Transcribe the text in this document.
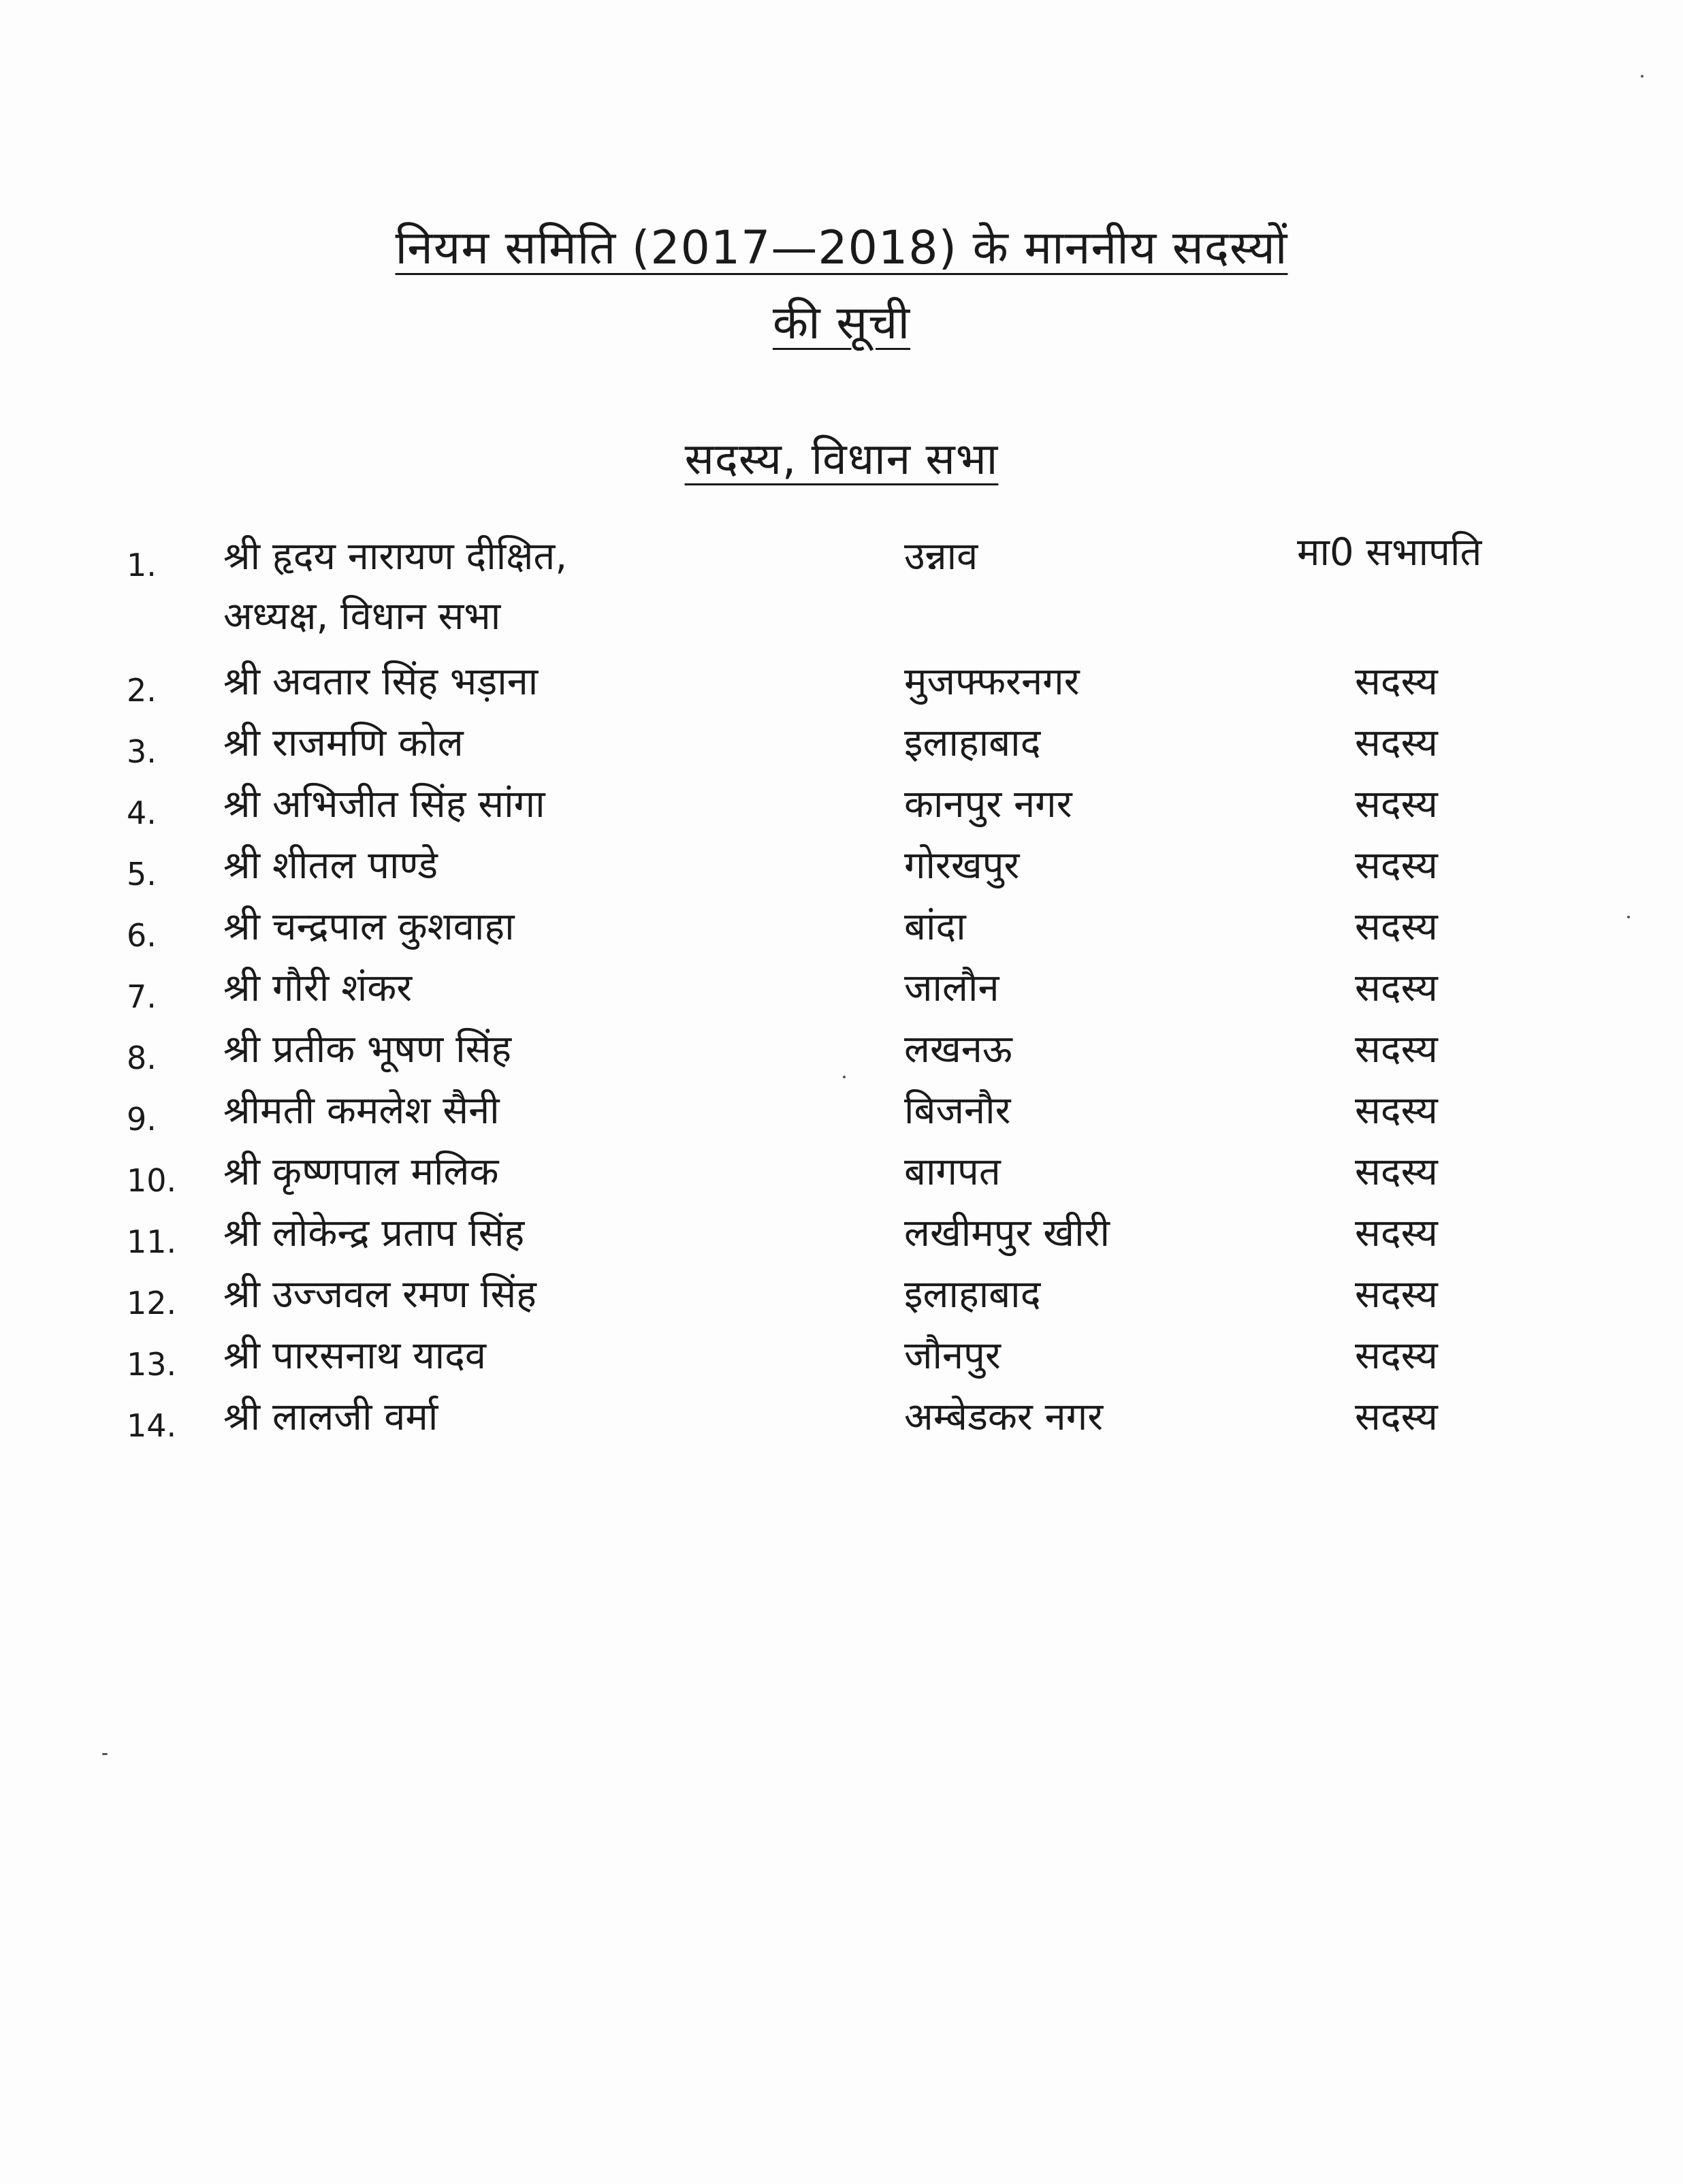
नियम समिति (2017—2018) के माननीय सदस्यों
की सूची
सदस्य, विधान सभा
1. श्री हृदय नारायण दीक्षित,	उन्नाव	मा0 सभापति
अध्यक्ष, विधान सभा
2. श्री अवतार सिंह भड़ाना	मुजफ्फरनगर	सदस्य
3. श्री राजमणि कोल	इलाहाबाद	सदस्य
4. श्री अभिजीत सिंह सांगा	कानपुर नगर	सदस्य
5. श्री शीतल पाण्डे	गोरखपुर	सदस्य
6. श्री चन्द्रपाल कुशवाहा	बांदा	सदस्य
7. श्री गौरी शंकर	जालौन	सदस्य
8. श्री प्रतीक भूषण सिंह	लखनऊ	सदस्य
9. श्रीमती कमलेश सैनी	बिजनौर	सदस्य
10. श्री कृष्णपाल मलिक	बागपत	सदस्य
11. श्री लोकेन्द्र प्रताप सिंह	लखीमपुर खीरी	सदस्य
12. श्री उज्जवल रमण सिंह	इलाहाबाद	सदस्य
13. श्री पारसनाथ यादव	जौनपुर	सदस्य
14. श्री लालजी वर्मा	अम्बेडकर नगर	सदस्य
